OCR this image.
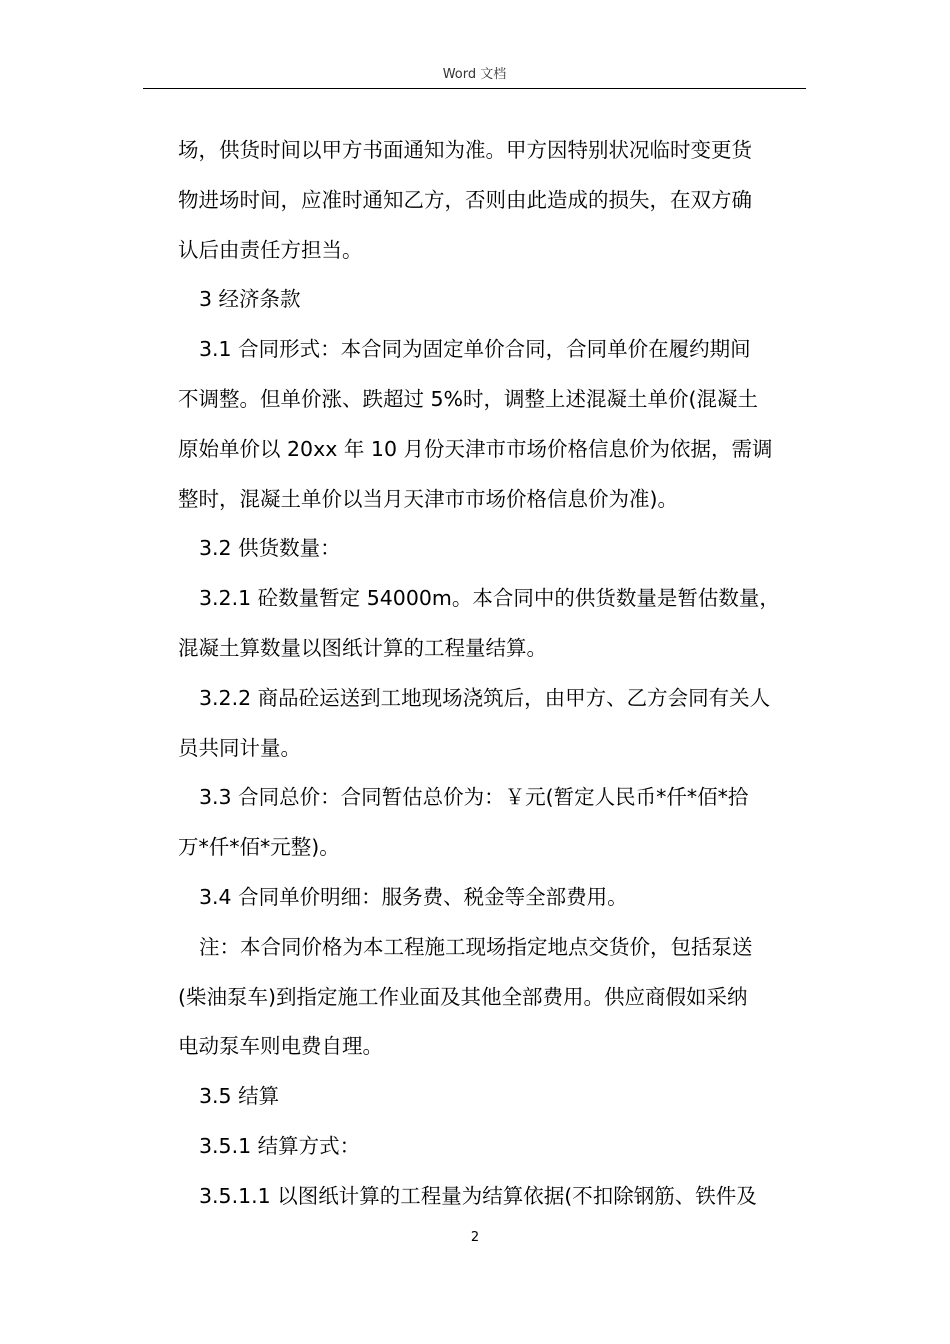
Word 文档
场，供货时间以甲方书面通知为准。甲方因特别状况临时变更货
物进场时间，应准时通知乙方，否则由此造成的损失，在双方确
认后由责任方担当。
3 经济条款
3.1 合同形式：本合同为固定单价合同，合同单价在履约期间
不调整。但单价涨、跌超过 5%时，调整上述混凝土单价(混凝土
原始单价以 20xx 年 10 月份天津市市场价格信息价为依据，需调
整时，混凝土单价以当月天津市市场价格信息价为准)。
3.2 供货数量：
3.2.1 砼数量暂定 54000m。本合同中的供货数量是暂估数量，
混凝土算数量以图纸计算的工程量结算。
3.2.2 商品砼运送到工地现场浇筑后，由甲方、乙方会同有关人
员共同计量。
3.3 合同总价：合同暂估总价为：￥元(暂定人民币*仟*佰*拾
万*仟*佰*元整)。
3.4 合同单价明细：服务费、税金等全部费用。
注：本合同价格为本工程施工现场指定地点交货价，包括泵送
(柴油泵车)到指定施工作业面及其他全部费用。供应商假如采纳
电动泵车则电费自理。
3.5 结算
3.5.1 结算方式：
3.5.1.1 以图纸计算的工程量为结算依据(不扣除钢筋、铁件及
2
